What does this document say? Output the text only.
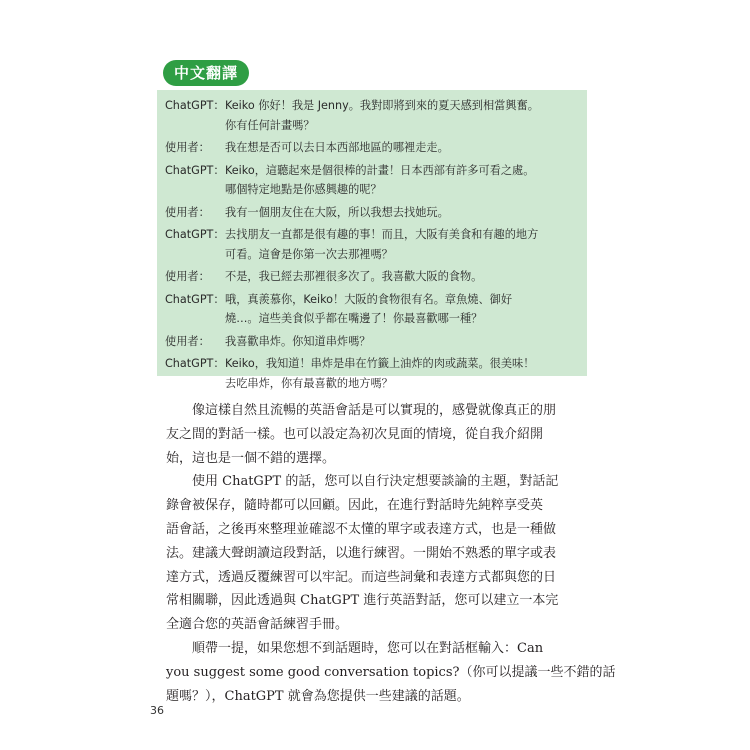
中文翻譯
ChatGPT： Keiko 你好！我是 Jenny。我對即將到來的夏天感到相當興奮。
你有任何計畫嗎？
使用者：	我在想是否可以去日本西部地區的哪裡走走。
ChatGPT： Keiko，這聽起來是個很棒的計畫！日本西部有許多可看之處。
哪個特定地點是你感興趣的呢？
使用者：	我有一個朋友住在大阪，所以我想去找她玩。
ChatGPT： 去找朋友一直都是很有趣的事！而且，大阪有美食和有趣的地方
可看。這會是你第一次去那裡嗎？
使用者：	不是，我已經去那裡很多次了。我喜歡大阪的食物。
ChatGPT： 哦，真羨慕你，Keiko！大阪的食物很有名。章魚燒、御好
燒…。這些美食似乎都在嘴邊了！你最喜歡哪一種？
使用者：	我喜歡串炸。你知道串炸嗎？
ChatGPT： Keiko，我知道！串炸是串在竹籤上油炸的肉或蔬菜。很美味！
去吃串炸，你有最喜歡的地方嗎？
像這樣自然且流暢的英語會話是可以實現的，感覺就像真正的朋
友之間的對話一樣。也可以設定為初次見面的情境，從自我介紹開
始，這也是一個不錯的選擇。
使用 ChatGPT 的話，您可以自行決定想要談論的主題，對話記
錄會被保存，隨時都可以回顧。因此，在進行對話時先純粹享受英
語會話，之後再來整理並確認不太懂的單字或表達方式，也是一種做
法。建議大聲朗讀這段對話，以進行練習。一開始不熟悉的單字或表
達方式，透過反覆練習可以牢記。而這些詞彙和表達方式都與您的日
常相關聯，因此透過與 ChatGPT 進行英語對話，您可以建立一本完
全適合您的英語會話練習手冊。
順帶一提，如果您想不到話題時，您可以在對話框輸入：Can
you suggest some good conversation topics?（你可以提議一些不錯的話
題嗎？），ChatGPT 就會為您提供一些建議的話題。
36
